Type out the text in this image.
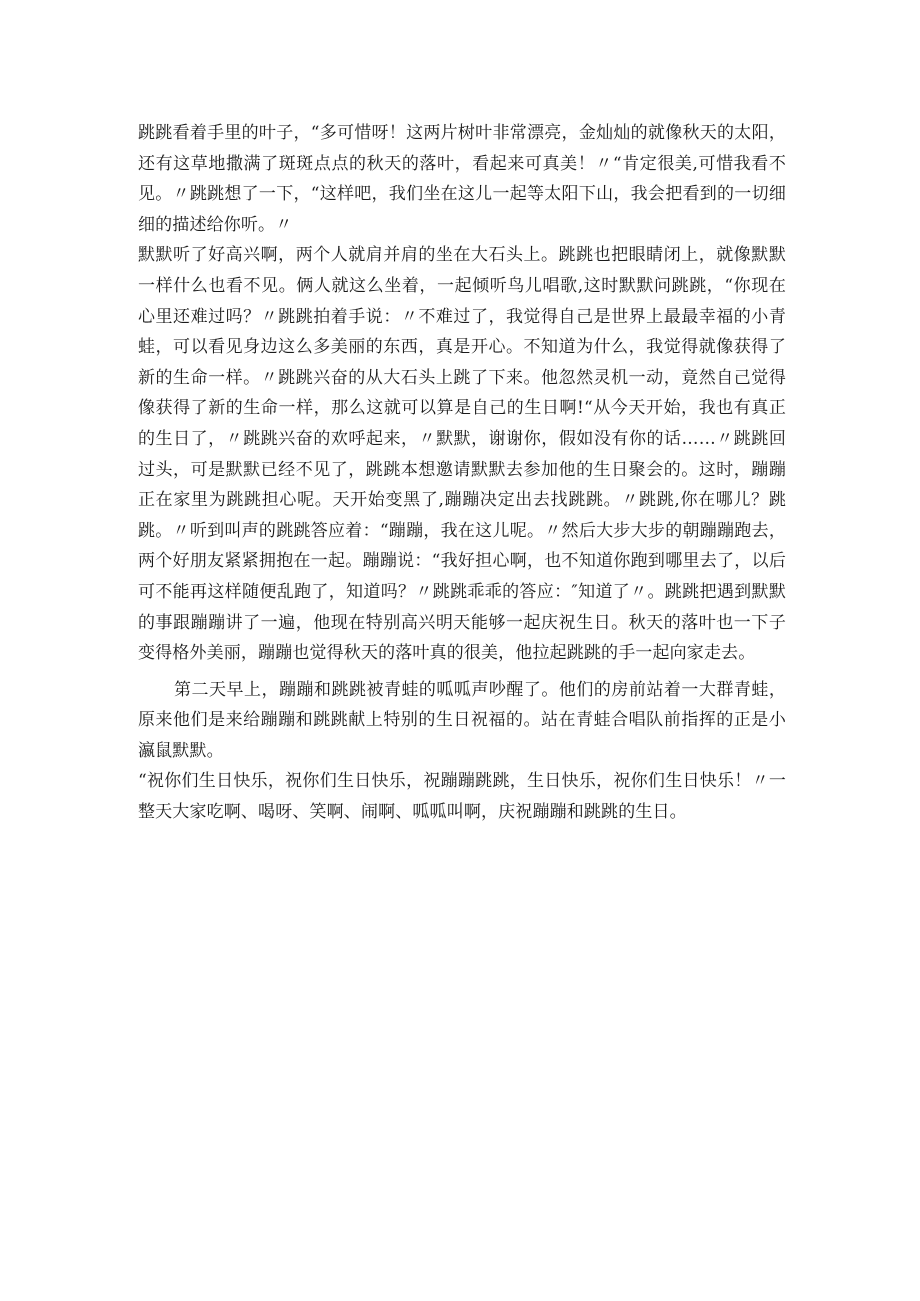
跳跳看着手里的叶子，“多可惜呀！这两片树叶非常漂亮，金灿灿的就像秋天的太阳，还有这草地撒满了斑斑点点的秋天的落叶，看起来可真美！〃“肯定很美,可惜我看不见。〃跳跳想了一下，“这样吧，我们坐在这儿一起等太阳下山，我会把看到的一切细细的描述给你听。〃

默默听了好高兴啊，两个人就肩并肩的坐在大石头上。跳跳也把眼睛闭上，就像默默一样什么也看不见。俩人就这么坐着，一起倾听鸟儿唱歌,这时默默问跳跳，“你现在心里还难过吗？〃跳跳拍着手说：〃不难过了，我觉得自己是世界上最最幸福的小青蛙，可以看见身边这么多美丽的东西，真是开心。不知道为什么，我觉得就像获得了新的生命一样。〃跳跳兴奋的从大石头上跳了下来。他忽然灵机一动，竟然自己觉得像获得了新的生命一样，那么这就可以算是自己的生日啊!“从今天开始，我也有真正的生日了，〃跳跳兴奋的欢呼起来，〃默默，谢谢你，假如没有你的话……〃跳跳回过头，可是默默已经不见了，跳跳本想邀请默默去参加他的生日聚会的。这时，蹦蹦正在家里为跳跳担心呢。天开始变黑了,蹦蹦决定出去找跳跳。〃跳跳,你在哪儿？跳跳。〃听到叫声的跳跳答应着：“蹦蹦，我在这儿呢。〃然后大步大步的朝蹦蹦跑去，两个好朋友紧紧拥抱在一起。蹦蹦说：“我好担心啊，也不知道你跑到哪里去了，以后可不能再这样随便乱跑了，知道吗？〃跳跳乖乖的答应：″知道了〃。跳跳把遇到默默的事跟蹦蹦讲了一遍，他现在特别高兴明天能够一起庆祝生日。秋天的落叶也一下子变得格外美丽，蹦蹦也觉得秋天的落叶真的很美，他拉起跳跳的手一起向家走去。

第二天早上，蹦蹦和跳跳被青蛙的呱呱声吵醒了。他们的房前站着一大群青蛙，原来他们是来给蹦蹦和跳跳献上特别的生日祝福的。站在青蛙合唱队前指挥的正是小瀛鼠默默。

“祝你们生日快乐，祝你们生日快乐，祝蹦蹦跳跳，生日快乐，祝你们生日快乐！〃一整天大家吃啊、喝呀、笑啊、闹啊、呱呱叫啊，庆祝蹦蹦和跳跳的生日。
